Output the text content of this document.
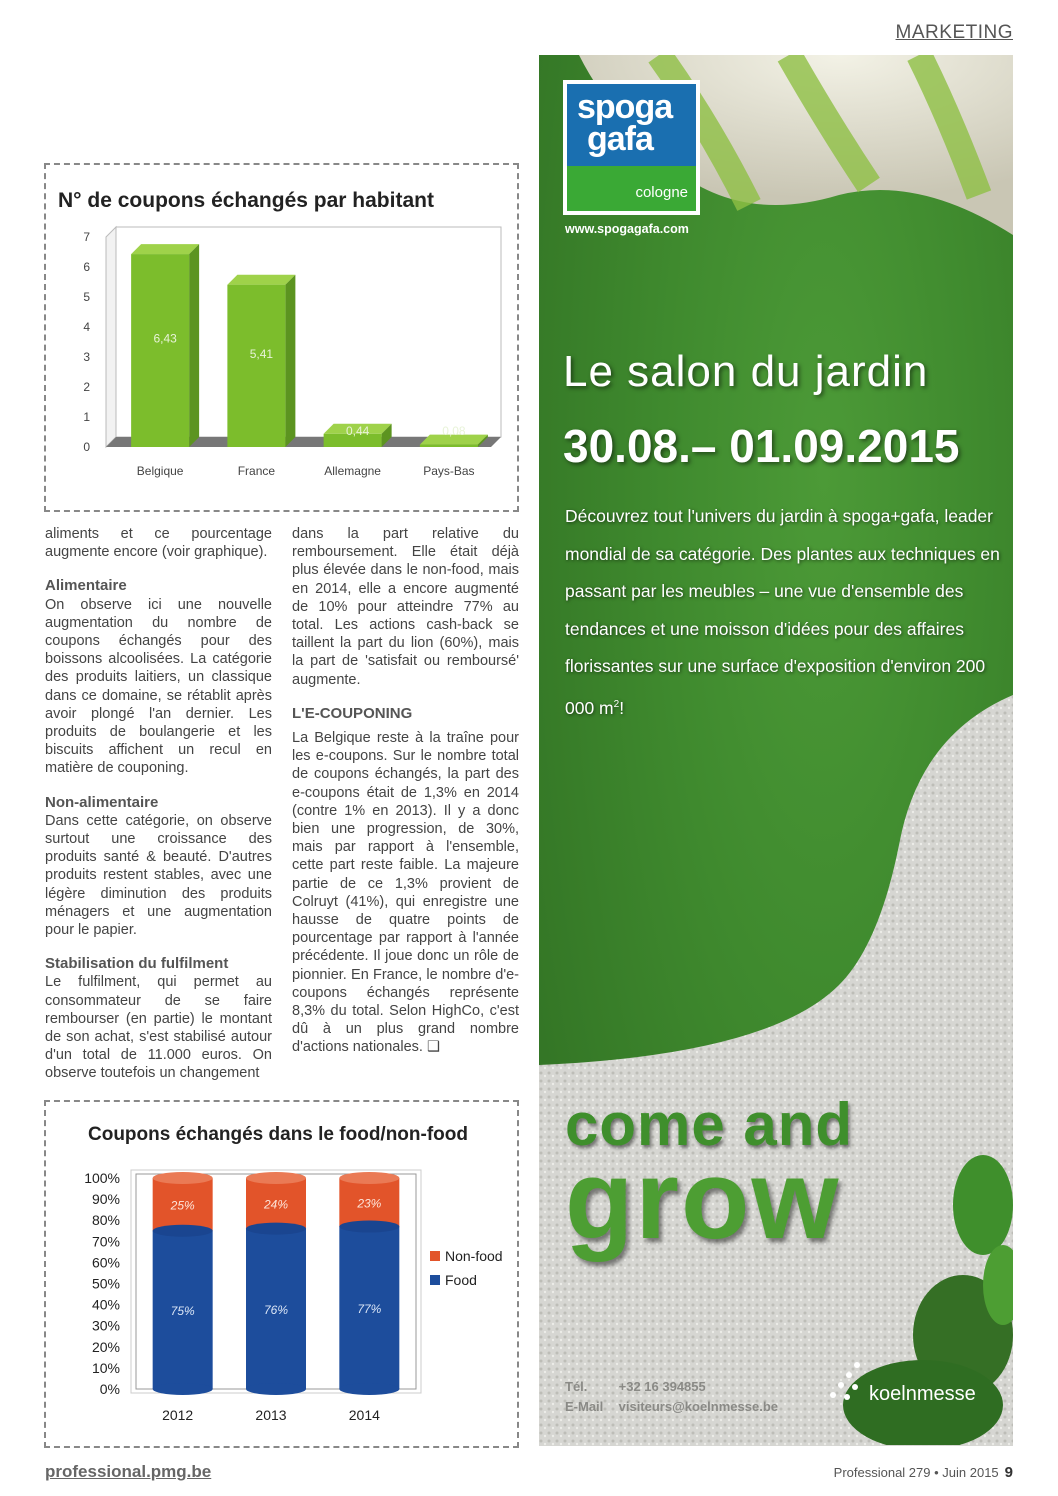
MARKETING
N° de coupons échangés par habitant
0
1
2
3
4
5
6
7
6,43
Belgique
5,41
France
0,44
Allemagne
0,08
Pays-Bas

aliments et ce pourcentage augmente encore (voir graphique).

Alimentaire

On observe ici une nouvelle augmentation du nombre de coupons échangés pour des boissons alcoolisées. La catégorie des produits laitiers, un classique dans ce domaine, se rétablit après avoir plongé l'an dernier. Les produits de boulangerie et les biscuits affichent un recul en matière de couponing.

Non-alimentaire

Dans cette catégorie, on observe surtout une croissance des produits santé & beauté. D'autres produits restent stables, avec une légère diminution des produits ménagers et une augmentation pour le papier.

Stabilisation du fulfilment

Le fulfilment, qui permet au consommateur de se faire rembourser (en partie) le montant de son achat, s'est stabilisé autour d'un total de 11.000 euros. On observe toutefois un changement

dans la part relative du remboursement. Elle était déjà plus élevée dans le non-food, mais en 2014, elle a encore augmenté de 10% pour atteindre 77% au total. Les actions cash-back se taillent la part du lion (60%), mais la part de 'satisfait ou remboursé' augmente.

L'E-COUPONING

La Belgique reste à la traîne pour les e-coupons. Sur le nombre total de coupons échangés, la part des e-coupons était de 1,3% en 2014 (contre 1% en 2013). Il y a donc bien une progression, de 30%, mais par rapport à l'ensemble, cette part reste faible. La majeure partie de ce 1,3% provient de Colruyt (41%), qui enregistre une hausse de quatre points de pourcentage par rapport à l'année précédente. Il joue donc un rôle de pionnier. En France, le nombre d'e-coupons échangés représente 8,3% du total. Selon HighCo, c'est dû à un plus grand nombre d'actions nationales. ❑

Coupons échangés dans le food/non-food
0%
10%
20%
30%
40%
50%
60%
70%
80%
90%
100%
75%
25%
2012
76%
24%
2013
77%
23%
2014
Non-food
Food
spoga
gafa
cologne
www.spogagafa.com
Le salon du jardin
30.08.– 01.09.2015
Découvrez tout l'univers du jardin à spoga+gafa, leader mondial de sa catégorie. Des plantes aux techniques en passant par les meubles – une vue d'ensemble des tendances et une moisson d'idées pour des affaires florissantes sur une surface d'exposition d'environ 200 000 $m^2$!
come and
grow
Tél. +32 16 394855
E-Mail visiteurs@koelnmesse.be
koelnmesse
professional.pmg.be	Professional 279 • Juin 2015 9
